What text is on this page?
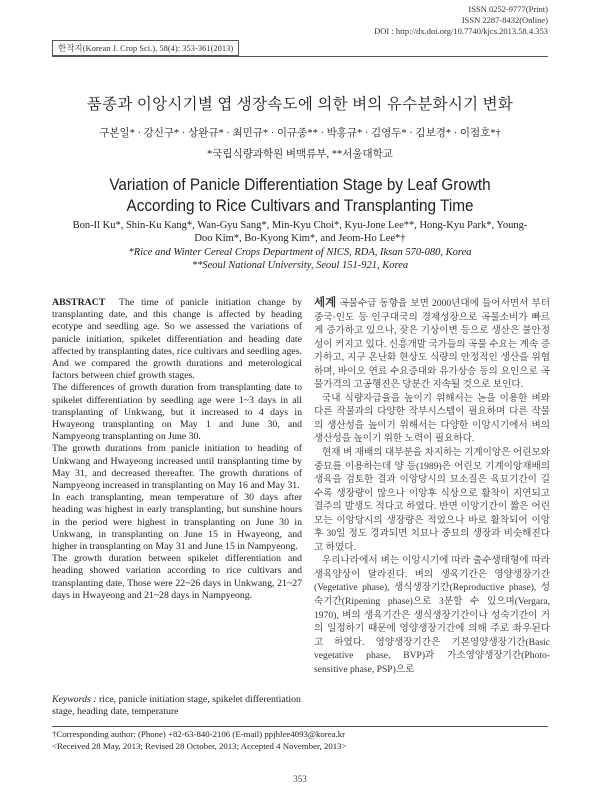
ISSN 0252-9777(Print)
ISSN 2287-8432(Online)
DOI : http://dx.doi.org/10.7740/kjcs.2013.58.4.353
한작지(Korean J. Crop Sci.), 58(4): 353-361(2013)
품종과 이앙시기별 엽 생장속도에 의한 벼의 유수분화시기 변화
구본일* · 강신구* · 상완규* · 최민규* · 이규종** · 박홍규* · 김영두* · 김보경* · 이점호*†
*국립식량과학원 벼맥류부, **서울대학교
Variation of Panicle Differentiation Stage by Leaf Growth According to Rice Cultivars and Transplanting Time
Bon-Il Ku*, Shin-Ku Kang*, Wan-Gyu Sang*, Min-Kyu Choi*, Kyu-Jone Lee**, Hong-Kyu Park*, Young-Doo Kim*, Bo-Kyong Kim*, and Jeom-Ho Lee*†
*Rice and Winter Cereal Crops Department of NICS, RDA, Iksan 570-080, Korea
**Seoul National University, Seoul 151-921, Korea

ABSTRACT The time of panicle initiation change by transplanting date, and this change is affected by heading ecotype and seedling age. So we assessed the variations of panicle initiation, spikelet differentiation and heading date affected by transplanting dates, rice cultivars and seedling ages. And we compared the growth durations and meterological factors between chief growth stages.

The differences of growth duration from transplanting date to spikelet differentiation by seedling age were 1~3 days in all transplanting of Unkwang, but it increased to 4 days in Hwayeong transplanting on May 1 and June 30, and Nampyeong transplanting on June 30.

The growth durations from panicle initiation to heading of Unkwang and Hwayeong increased until transplanting time by May 31, and decreased thereafter. The growth durations of Nampyeong increased in transplanting on May 16 and May 31.

In each transplanting, mean temperature of 30 days after heading was highest in early transplanting, but sunshine hours in the period were highest in transplanting on June 30 in Unkwang, in transplanting on June 15 in Hwayeong, and higher in transplanting on May 31 and June 15 in Nampyeong.

The growth duration between spikelet differentiation and heading showed variation according to rice cultivars and transplanting date, Those were 22~26 days in Unkwang, 21~27 days in Hwayeong and 21~28 days in Nampyeong.

Keywords : rice, panicle initiation stage, spikelet differentiation stage, heading date, temperature

세계 곡물수급 동향을 보면 2000년대에 들어서면서 부터 중국·인도 등 인구대국의 경제성장으로 곡물소비가 빠르게 증가하고 있으나, 잦은 기상이변 등으로 생산은 불안정성이 커지고 있다. 신흥개발 국가들의 곡물 수요는 계속 증가하고, 지구 온난화 현상도 식량의 안정적인 생산을 위협하며, 바이오 연료 수요증대와 유가상승 등의 요인으로 곡물가격의 고공행진은 당분간 지속될 것으로 보인다.

국내 식량자급율을 높이기 위해서는 논을 이용한 벼와 다른 작물과의 다양한 작부시스템이 필요하며 다른 작물의 생산성을 높이기 위해서는 다양한 이앙시기에서 벼의 생산성을 높이기 위한 노력이 필요하다.

현재 벼 재배의 대부분을 차지하는 기계이앙은 어린모와 중묘를 이용하는데 양 등(1989)은 어린모 기계이앙재배의 생육을 검토한 결과 이앙당시의 묘소질은 육묘기간이 길수록 생장량이 많으나 이앙후 식상으로 활착이 지연되고 결주의 발생도 적다고 하였다. 반면 이앙기간이 짧은 어린모는 이앙당시의 생장량은 적었으나 바로 활착되어 이앙후 30일 정도 경과되면 치묘나 중묘의 생장과 비슷해진다고 하였다.

우리나라에서 벼는 이앙시기에 따라 출수생태형에 따라 생육양상이 달라진다. 벼의 생육기간은 영양생장기간(Vegetative phase), 생식생장기간(Reproductive phase), 성숙기간(Ripening phase)으로 3분할 수 있으며(Vergara, 1970), 벼의 생육기간은 생식생장기간이나 성숙기간이 거의 일정하기 때문에 영양생장기간에 의해 주로 좌우된다고 하였다. 영양생장기간은 기본영양생장기간(Basic vegetative phase, BVP)과 가소영양생장기간(Photo-sensitive phase, PSP)으로

†Corresponding author: (Phone) +82-63-840-2106 (E-mail) ppjhlee4093@korea.kr
<Received 28 May, 2013; Revised 28 October, 2013; Accepted 4 November, 2013>
353
